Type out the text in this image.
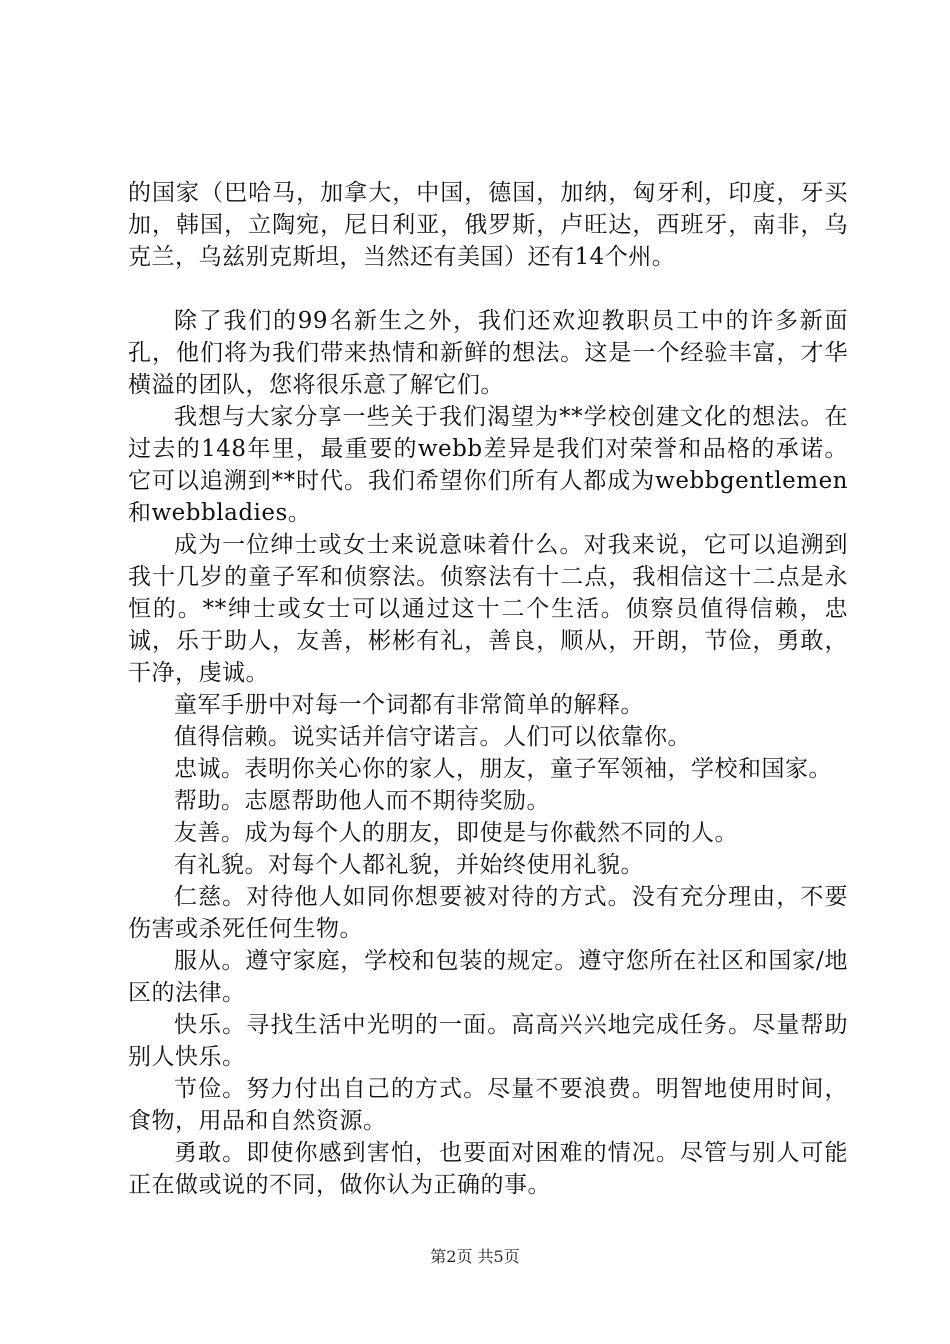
的国家（巴哈马，加拿大，中国，德国，加纳，匈牙利，印度，牙买加，韩国，立陶宛，尼日利亚，俄罗斯，卢旺达，西班牙，南非，乌克兰，乌兹别克斯坦，当然还有美国）还有14个州。

除了我们的99名新生之外，我们还欢迎教职员工中的许多新面孔，他们将为我们带来热情和新鲜的想法。这是一个经验丰富，才华横溢的团队，您将很乐意了解它们。

我想与大家分享一些关于我们渴望为**学校创建文化的想法。在过去的148年里，最重要的webb差异是我们对荣誉和品格的承诺。它可以追溯到**时代。我们希望你们所有人都成为webbgentlemen和webbladies。

成为一位绅士或女士来说意味着什么。对我来说，它可以追溯到我十几岁的童子军和侦察法。侦察法有十二点，我相信这十二点是永恒的。**绅士或女士可以通过这十二个生活。侦察员值得信赖，忠诚，乐于助人，友善，彬彬有礼，善良，顺从，开朗，节俭，勇敢，干净，虔诚。

童军手册中对每一个词都有非常简单的解释。

值得信赖。说实话并信守诺言。人们可以依靠你。

忠诚。表明你关心你的家人，朋友，童子军领袖，学校和国家。

帮助。志愿帮助他人而不期待奖励。

友善。成为每个人的朋友，即使是与你截然不同的人。

有礼貌。对每个人都礼貌，并始终使用礼貌。

仁慈。对待他人如同你想要被对待的方式。没有充分理由，不要伤害或杀死任何生物。

服从。遵守家庭，学校和包装的规定。遵守您所在社区和国家/地区的法律。

快乐。寻找生活中光明的一面。高高兴兴地完成任务。尽量帮助别人快乐。

节俭。努力付出自己的方式。尽量不要浪费。明智地使用时间，食物，用品和自然资源。

勇敢。即使你感到害怕，也要面对困难的情况。尽管与别人可能正在做或说的不同，做你认为正确的事。

第2页 共5页
